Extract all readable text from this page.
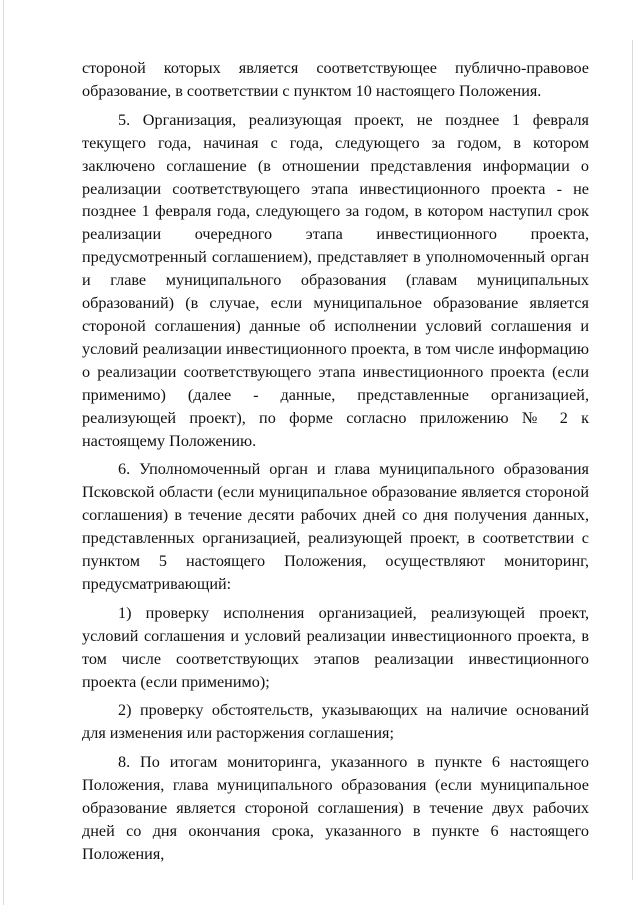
стороной которых является соответствующее публично-правовое образование, в соответствии с пунктом 10 настоящего Положения.

5. Организация, реализующая проект, не позднее 1 февраля текущего года, начиная с года, следующего за годом, в котором заключено соглашение (в отношении представления информации о реализации соответствующего этапа инвестиционного проекта - не позднее 1 февраля года, следующего за годом, в котором наступил срок реализации очередного этапа инвестиционного проекта, предусмотренный соглашением), представляет в уполномоченный орган и главе муниципального образования (главам муниципальных образований) (в случае, если муниципальное образование является стороной соглашения) данные об исполнении условий соглашения и условий реализации инвестиционного проекта, в том числе информацию о реализации соответствующего этапа инвестиционного проекта (если применимо) (далее - данные, представленные организацией, реализующей проект), по форме согласно приложению № 2 к настоящему Положению.

6. Уполномоченный орган и глава муниципального образования Псковской области (если муниципальное образование является стороной соглашения) в течение десяти рабочих дней со дня получения данных, представленных организацией, реализующей проект, в соответствии с пунктом 5 настоящего Положения, осуществляют мониторинг, предусматривающий:

1) проверку исполнения организацией, реализующей проект, условий соглашения и условий реализации инвестиционного проекта, в том числе соответствующих этапов реализации инвестиционного проекта (если применимо);

2) проверку обстоятельств, указывающих на наличие оснований для изменения или расторжения соглашения;

8. По итогам мониторинга, указанного в пункте 6 настоящего Положения, глава муниципального образования (если муниципальное образование является стороной соглашения) в течение двух рабочих дней со дня окончания срока, указанного в пункте 6 настоящего Положения,
